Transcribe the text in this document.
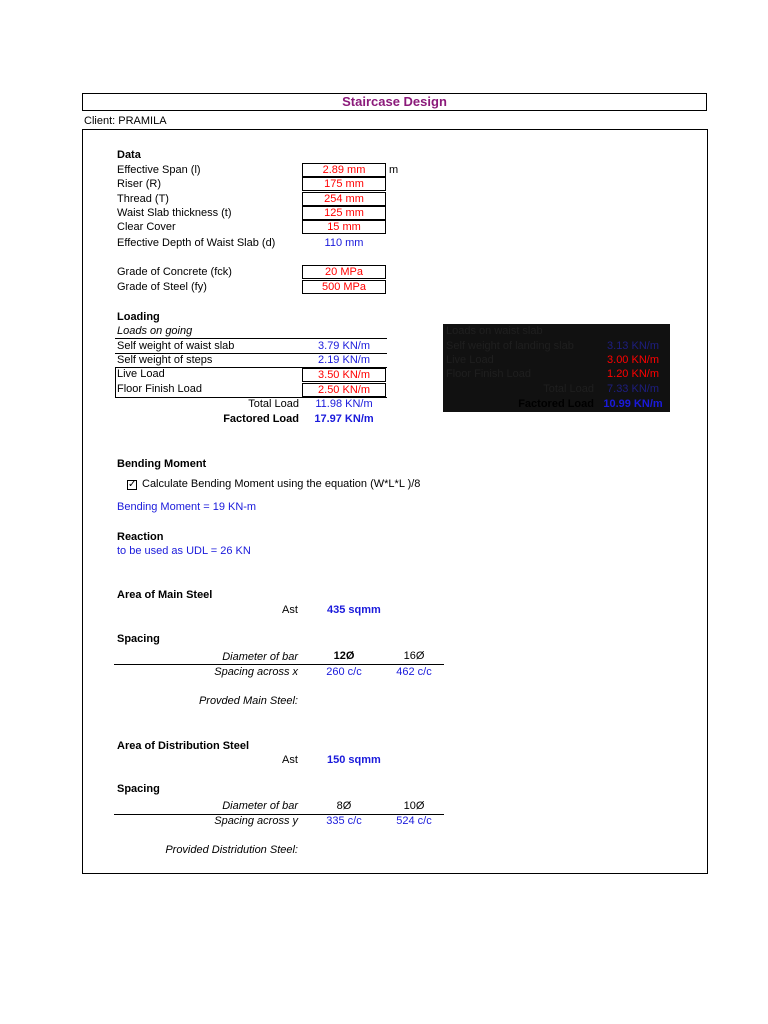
Staircase Design
Client: PRAMILA
Data
Effective Span (l)	2.89 mm	m
Riser (R)	175 mm
Thread (T)	254 mm
Waist Slab thickness (t)	125 mm
Clear Cover	15 mm
Effective Depth of Waist Slab (d)	110 mm
Grade of Concrete (fck)	20 MPa
Grade of Steel (fy)	500 MPa
Loading
Loads on going
Self weight of waist slab	3.79 KN/m
Self weight of steps	2.19 KN/m
Live Load	3.50 KN/m
Floor Finish Load	2.50 KN/m
Total Load	11.98 KN/m
Factored Load	17.97 KN/m
Loads on waist slab
Self weight of landing slab	3.13 KN/m
Live Load	3.00 KN/m
Floor Finish Load	1.20 KN/m
Total Load	7.33 KN/m
Factored Load 10.99 KN/m
Bending Moment
✓ Calculate Bending Moment using the equation (W*L*L )/8
Bending Moment = 19 KN-m
Reaction
to be used as UDL = 26 KN
Area of Main Steel
Ast	435 sqmm
Spacing
Diameter of bar	12Ø	16Ø
Spacing across x	260 c/c	462 c/c
Provded Main Steel:
Area of Distribution Steel
Ast	150 sqmm
Spacing
Diameter of bar	8Ø	10Ø
Spacing across y	335 c/c	524 c/c
Provided Distridution Steel:
